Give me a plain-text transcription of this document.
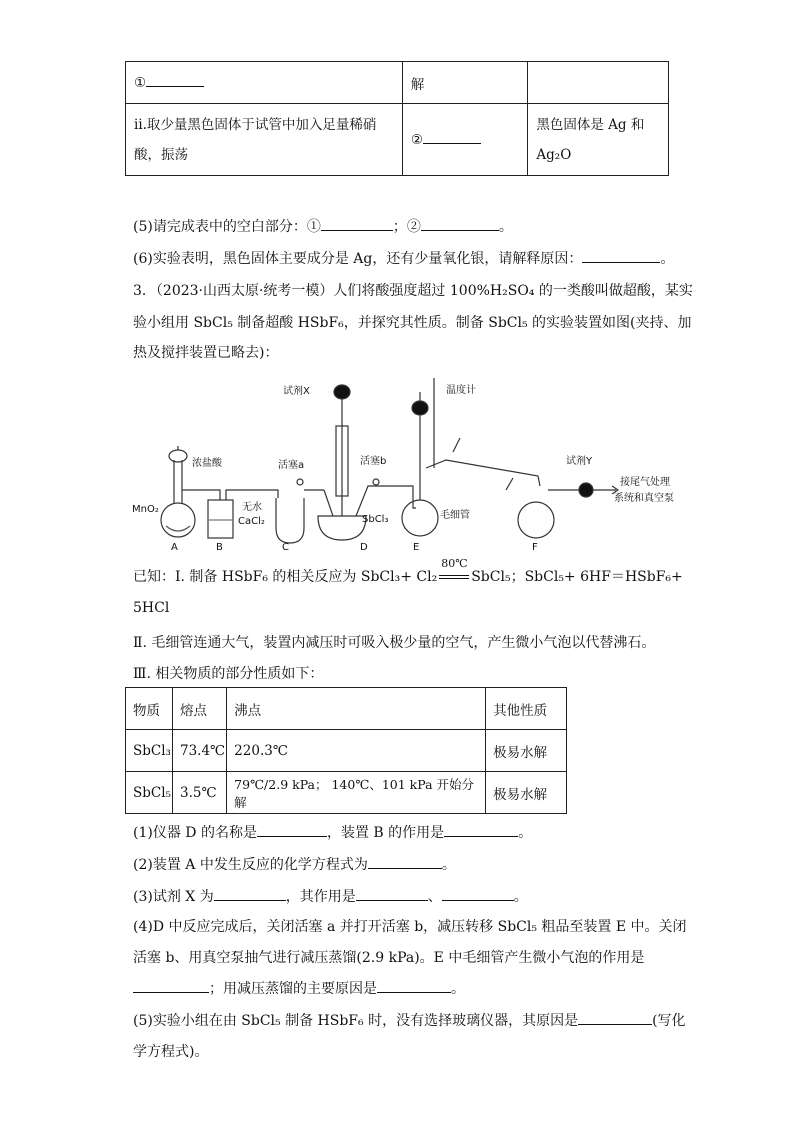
①	解	
ⅱ.取少量黑色固体于试管中加入足量稀硝酸，振荡	②	黑色固体是 Ag 和
Ag₂O
(5)请完成表中的空白部分：①	；②	。
(6)实验表明，黑色固体主要成分是 Ag，还有少量氧化银，请解释原因：	。
3．（2023·山西太原·统考一模）人们将酸强度超过 100%H₂SO₄ 的一类酸叫做超酸，某实
验小组用 SbCl₅ 制备超酸 HSbF₆，并探究其性质。制备 SbCl₅ 的实验装置如图(夹持、加
热及搅拌装置已略去)：
试剂X	温度计
浓盐酸	活塞a	活塞b	试剂Y
MnO₂	无水
CaCl₂	SbCl₃	毛细管
接尾气处理
系统和真空泵
A	B	C	D	E	F
已知：Ⅰ. 制备 HSbF₆ 的相关反应为 SbCl₃+ Cl₂
80℃
SbCl₅；SbCl₅+ 6HF＝HSbF₆+
5HCl
Ⅱ. 毛细管连通大气，装置内减压时可吸入极少量的空气，产生微小气泡以代替沸石。
Ⅲ. 相关物质的部分性质如下：
物质	熔点	沸点	其他性质
SbCl₃	73.4℃	220.3℃	极易水解
SbCl₅	3.5℃	79℃/2.9 kPa； 140℃、101 kPa 开始分解	极易水解
(1)仪器 D 的名称是	，装置 B 的作用是	。
(2)装置 A 中发生反应的化学方程式为	。
(3)试剂 X 为	，其作用是	、	。
(4)D 中反应完成后，关闭活塞 a 并打开活塞 b，减压转移 SbCl₅ 粗品至装置 E 中。关闭
活塞 b、用真空泵抽气进行减压蒸馏(2.9 kPa)。E 中毛细管产生微小气泡的作用是
；用减压蒸馏的主要原因是	。
(5)实验小组在由 SbCl₅ 制备 HSbF₆ 时，没有选择玻璃仪器，其原因是	(写化
学方程式)。
